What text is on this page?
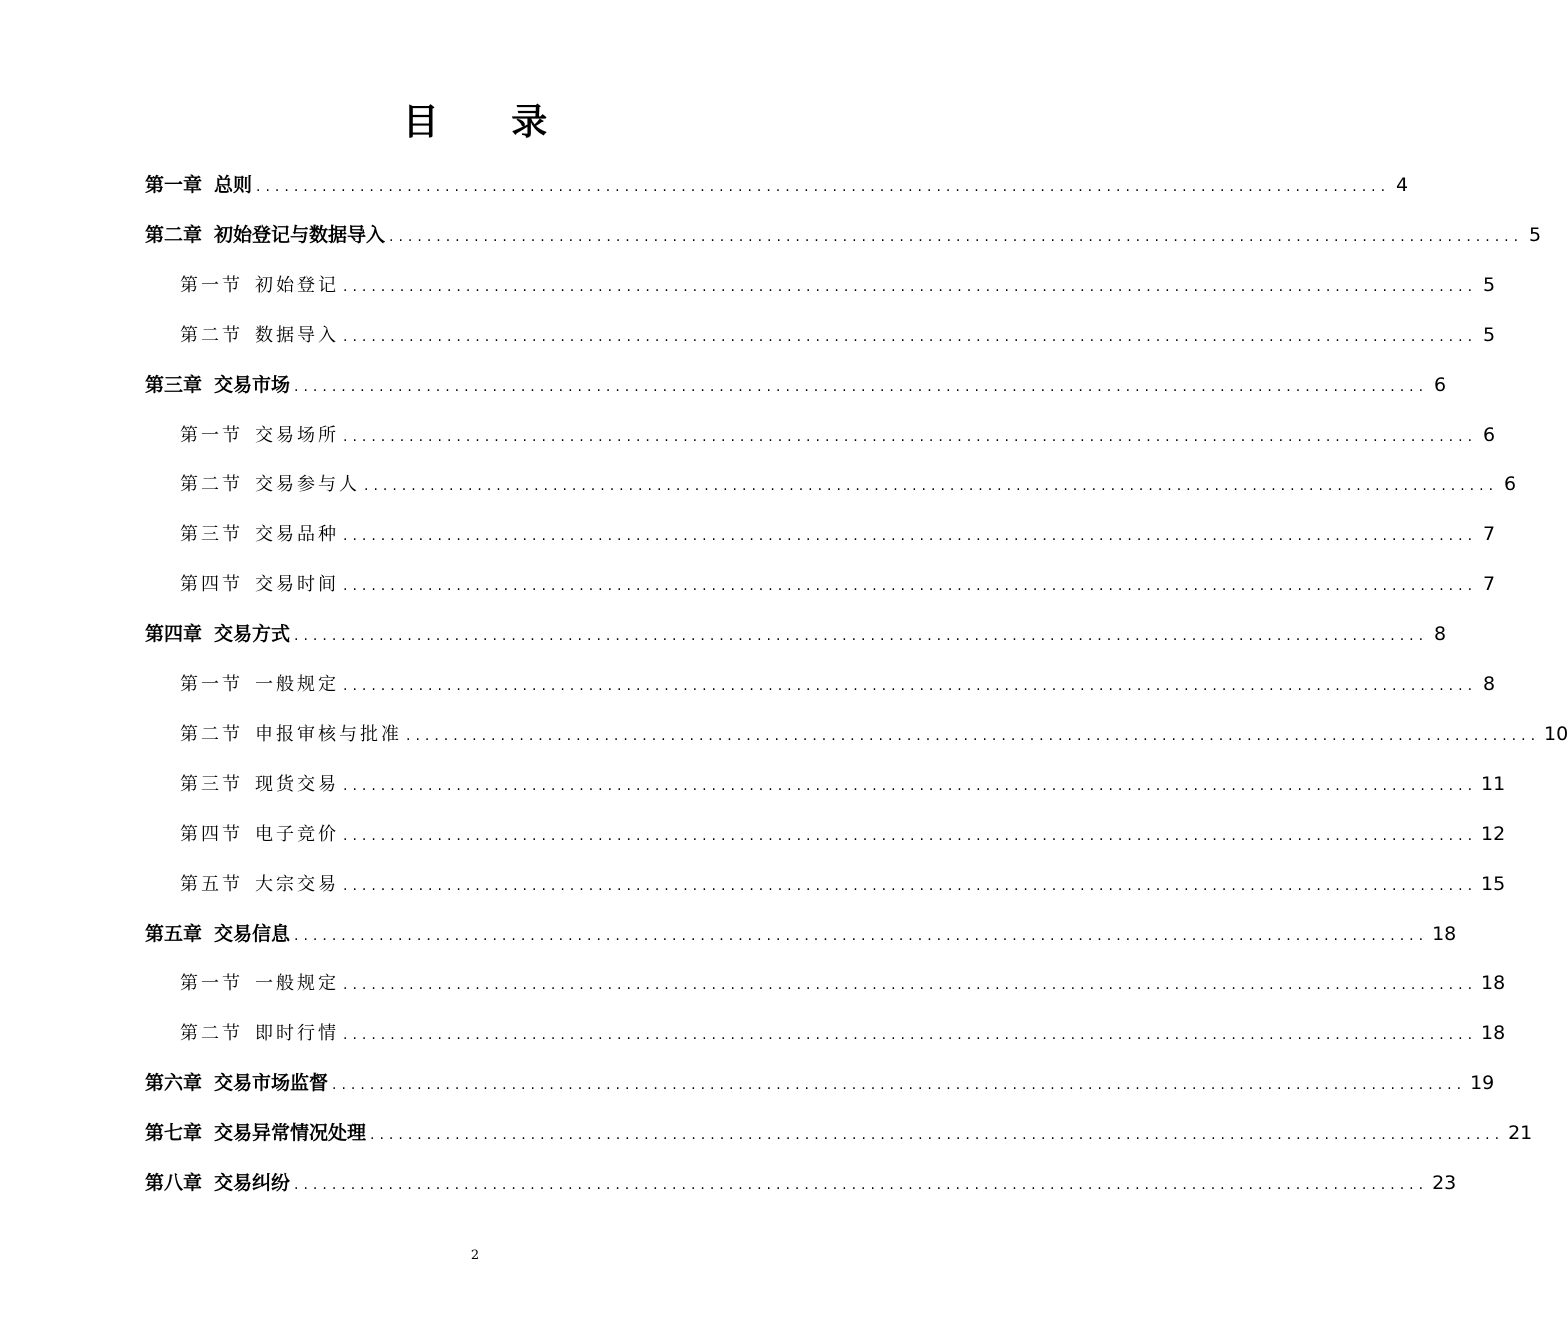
目 录
第一章 总则 ........................................................................................................................ 4
第二章 初始登记与数据导入 ........................................................................................................................ 5
第一节 初始登记 ........................................................................................................................ 5
第二节 数据导入 ........................................................................................................................ 5
第三章 交易市场 ........................................................................................................................ 6
第一节 交易场所 ........................................................................................................................ 6
第二节 交易参与人 ........................................................................................................................ 6
第三节 交易品种 ........................................................................................................................ 7
第四节 交易时间 ........................................................................................................................ 7
第四章 交易方式 ........................................................................................................................ 8
第一节 一般规定 ........................................................................................................................ 8
第二节 申报审核与批准 ........................................................................................................................ 10
第三节 现货交易 ........................................................................................................................ 11
第四节 电子竞价 ........................................................................................................................ 12
第五节 大宗交易 ........................................................................................................................ 15
第五章 交易信息 ........................................................................................................................ 18
第一节 一般规定 ........................................................................................................................ 18
第二节 即时行情 ........................................................................................................................ 18
第六章 交易市场监督 ........................................................................................................................ 19
第七章 交易异常情况处理 ........................................................................................................................ 21
第八章 交易纠纷 ........................................................................................................................ 23
2
